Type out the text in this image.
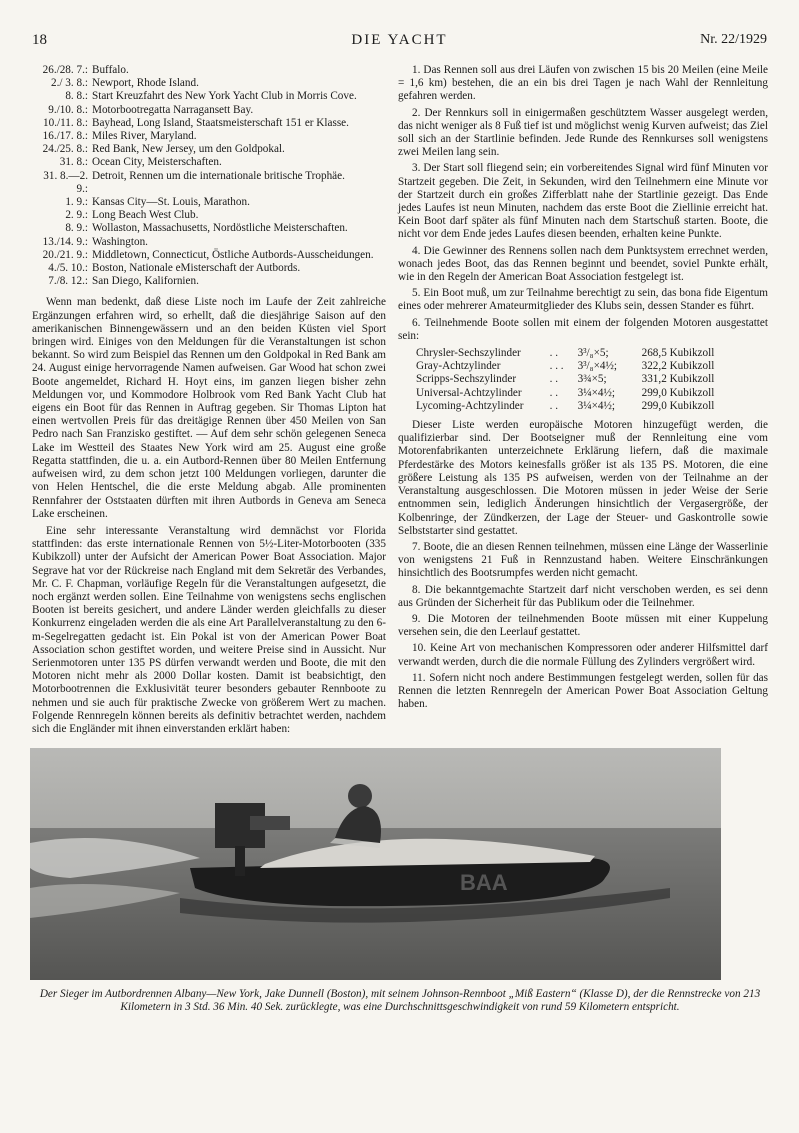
18	DIE YACHT	Nr. 22/1929
26./28. 7.: Buffalo.
2./ 3. 8.: Newport, Rhode Island.
8. 8.: Start Kreuzfahrt des New York Yacht Club in Morris Cove.
9./10. 8.: Motorbootregatta Narragansett Bay.
10./11. 8.: Bayhead, Long Island, Staatsmeisterschaft 151 er Klasse.
16./17. 8.: Miles River, Maryland.
24./25. 8.: Red Bank, New Jersey, um den Goldpokal.
31. 8.: Ocean City, Meisterschaften.
31. 8.—2. 9.:
Detroit, Rennen um die internationale britische Trophäe.
1. 9.: Kansas City—St. Louis, Marathon.
2. 9.: Long Beach West Club.
8. 9.: Wollaston, Massachusetts, Nordöstliche Meisterschaften.
13./14. 9.: Washington.
20./21. 9.: Middletown, Connecticut, Östliche Autbords-Ausscheidungen.
4./5. 10.: Boston, Nationale eMisterschaft der Autbords.
7./8. 12.: San Diego, Kalifornien.

Wenn man bedenkt, daß diese Liste noch im Laufe der Zeit zahlreiche Ergänzungen erfahren wird, so erhellt, daß die diesjährige Saison auf den amerikanischen Binnengewässern und an den beiden Küsten viel Sport bringen wird. Einiges von den Meldungen für die Veranstaltungen ist schon bekannt. So wird zum Beispiel das Rennen um den Goldpokal in Red Bank am 24. August einige hervorragende Namen aufweisen. Gar Wood hat schon zwei Boote angemeldet, Richard H. Hoyt eins, im ganzen liegen bisher zehn Meldungen vor, und Kommodore Holbrook vom Red Bank Yacht Club hat eigens ein Boot für das Rennen in Auftrag gegeben. Sir Thomas Lipton hat einen wertvollen Preis für das dreitägige Rennen über 450 Meilen von San Pedro nach San Franzisko gestiftet. — Auf dem sehr schön gelegenen Seneca Lake im Westteil des Staates New York wird am 25. August eine große Regatta stattfinden, die u. a. ein Autbord-Rennen über 80 Meilen Entfernung aufweisen wird, zu dem schon jetzt 100 Meldungen vorliegen, darunter die von Helen Hentschel, die die erste Meldung abgab. Alle prominenten Rennfahrer der Oststaaten dürften mit ihren Autbords in Geneva am Seneca Lake erscheinen.

Eine sehr interessante Veranstaltung wird demnächst vor Florida stattfinden: das erste internationale Rennen von 5½-Liter-Motorbooten (335 Kubikzoll) unter der Aufsicht der American Power Boat Association. Major Segrave hat vor der Rückreise nach England mit dem Sekretär des Verbandes, Mr. C. F. Chapman, vorläufige Regeln für die Veranstaltungen aufgesetzt, die noch ergänzt werden sollen. Eine Teilnahme von wenigstens sechs englischen Booten ist bereits gesichert, und andere Länder werden gleichfalls zu dieser Konkurrenz eingeladen werden die als eine Art Parallelveranstaltung zu den 6-m-Segelregatten gedacht ist. Ein Pokal ist von der American Power Boat Association schon gestiftet worden, und weitere Preise sind in Aussicht. Nur Serienmotoren unter 135 PS dürfen verwandt werden und Boote, die mit den Motoren nicht mehr als 2000 Dollar kosten. Damit ist beabsichtigt, den Motorbootrennen die Exklusivität teurer besonders gebauter Rennboote zu nehmen und sie auch für praktische Zwecke von größerem Wert zu machen. Folgende Rennregeln können bereits als definitiv betrachtet werden, nachdem sich die Engländer mit ihnen einverstanden erklärt haben:

1. Das Rennen soll aus drei Läufen von zwischen 15 bis 20 Meilen (eine Meile = 1,6 km) bestehen, die an ein bis drei Tagen je nach Wahl der Rennleitung gefahren werden.

2. Der Rennkurs soll in einigermaßen geschütztem Wasser ausgelegt werden, das nicht weniger als 8 Fuß tief ist und möglichst wenig Kurven aufweist; das Ziel soll sich an der Startlinie befinden. Jede Runde des Rennkurses soll wenigstens zwei Meilen lang sein.

3. Der Start soll fliegend sein; ein vorbereitendes Signal wird fünf Minuten vor Startzeit gegeben. Die Zeit, in Sekunden, wird den Teilnehmern eine Minute vor der Startzeit durch ein großes Zifferblatt nahe der Startlinie gezeigt. Das Ende jedes Laufes ist neun Minuten, nachdem das erste Boot die Ziellinie erreicht hat. Kein Boot darf später als fünf Minuten nach dem Startschuß starten. Boote, die nicht vor dem Ende jedes Laufes diesen beenden, erhalten keine Punkte.

4. Die Gewinner des Rennens sollen nach dem Punktsystem errechnet werden, wonach jedes Boot, das das Rennen beginnt und beendet, soviel Punkte erhält, wie in den Regeln der American Boat Association festgelegt ist.

5. Ein Boot muß, um zur Teilnahme berechtigt zu sein, das bona fide Eigentum eines oder mehrerer Amateurmitglieder des Klubs sein, dessen Stander es führt.

6. Teilnehmende Boote sollen mit einem der folgenden Motoren ausgestattet sein:

Chrysler-Sechszylinder	. .	3³/₈×5;	268,5 Kubikzoll
Gray-Achtzylinder	. . .	3³/₈×4½;	322,2 Kubikzoll
Scripps-Sechszylinder	. .	3¾×5;	331,2 Kubikzoll
Universal-Achtzylinder	. .	3¼×4½;	299,0 Kubikzoll
Lycoming-Achtzylinder	. .	3¼×4½;	299,0 Kubikzoll

Dieser Liste werden europäische Motoren hinzugefügt werden, die qualifizierbar sind. Der Bootseigner muß der Rennleitung eine vom Motorenfabrikanten unterzeichnete Erklärung liefern, daß die maximale Pferdestärke des Motors keinesfalls größer ist als 135 PS. Motoren, die eine größere Leistung als 135 PS aufweisen, werden von der Teilnahme an der Veranstaltung ausgeschlossen. Die Motoren müssen in jeder Weise der Serie entnommen sein, lediglich Änderungen hinsichtlich der Vergasergröße, der Kolbenringe, der Zündkerzen, der Lage der Steuer- und Gaskontrolle sowie Selbststarter sind gestattet.

7. Boote, die an diesen Rennen teilnehmen, müssen eine Länge der Wasserlinie von wenigstens 21 Fuß in Rennzustand haben. Weitere Einschränkungen hinsichtlich des Bootsrumpfes werden nicht gemacht.

8. Die bekanntgemachte Startzeit darf nicht verschoben werden, es sei denn aus Gründen der Sicherheit für das Publikum oder die Teilnehmer.

9. Die Motoren der teilnehmenden Boote müssen mit einer Kuppelung versehen sein, die den Leerlauf gestattet.

10. Keine Art von mechanischen Kompressoren oder anderer Hilfsmittel darf verwandt werden, durch die die normale Füllung des Zylinders vergrößert wird.

11. Sofern nicht noch andere Bestimmungen festgelegt werden, sollen für das Rennen die letzten Rennregeln der American Power Boat Association Geltung haben.

BAA
Der Sieger im Autbordrennen Albany—New York, Jake Dunnell (Boston), mit seinem Johnson-Rennboot „Miß Eastern“ (Klasse D), der die Rennstrecke von 213 Kilometern in 3 Std. 36 Min. 40 Sek. zurücklegte, was eine Durchschnittsgeschwindigkeit von rund 59 Kilometern entspricht.
